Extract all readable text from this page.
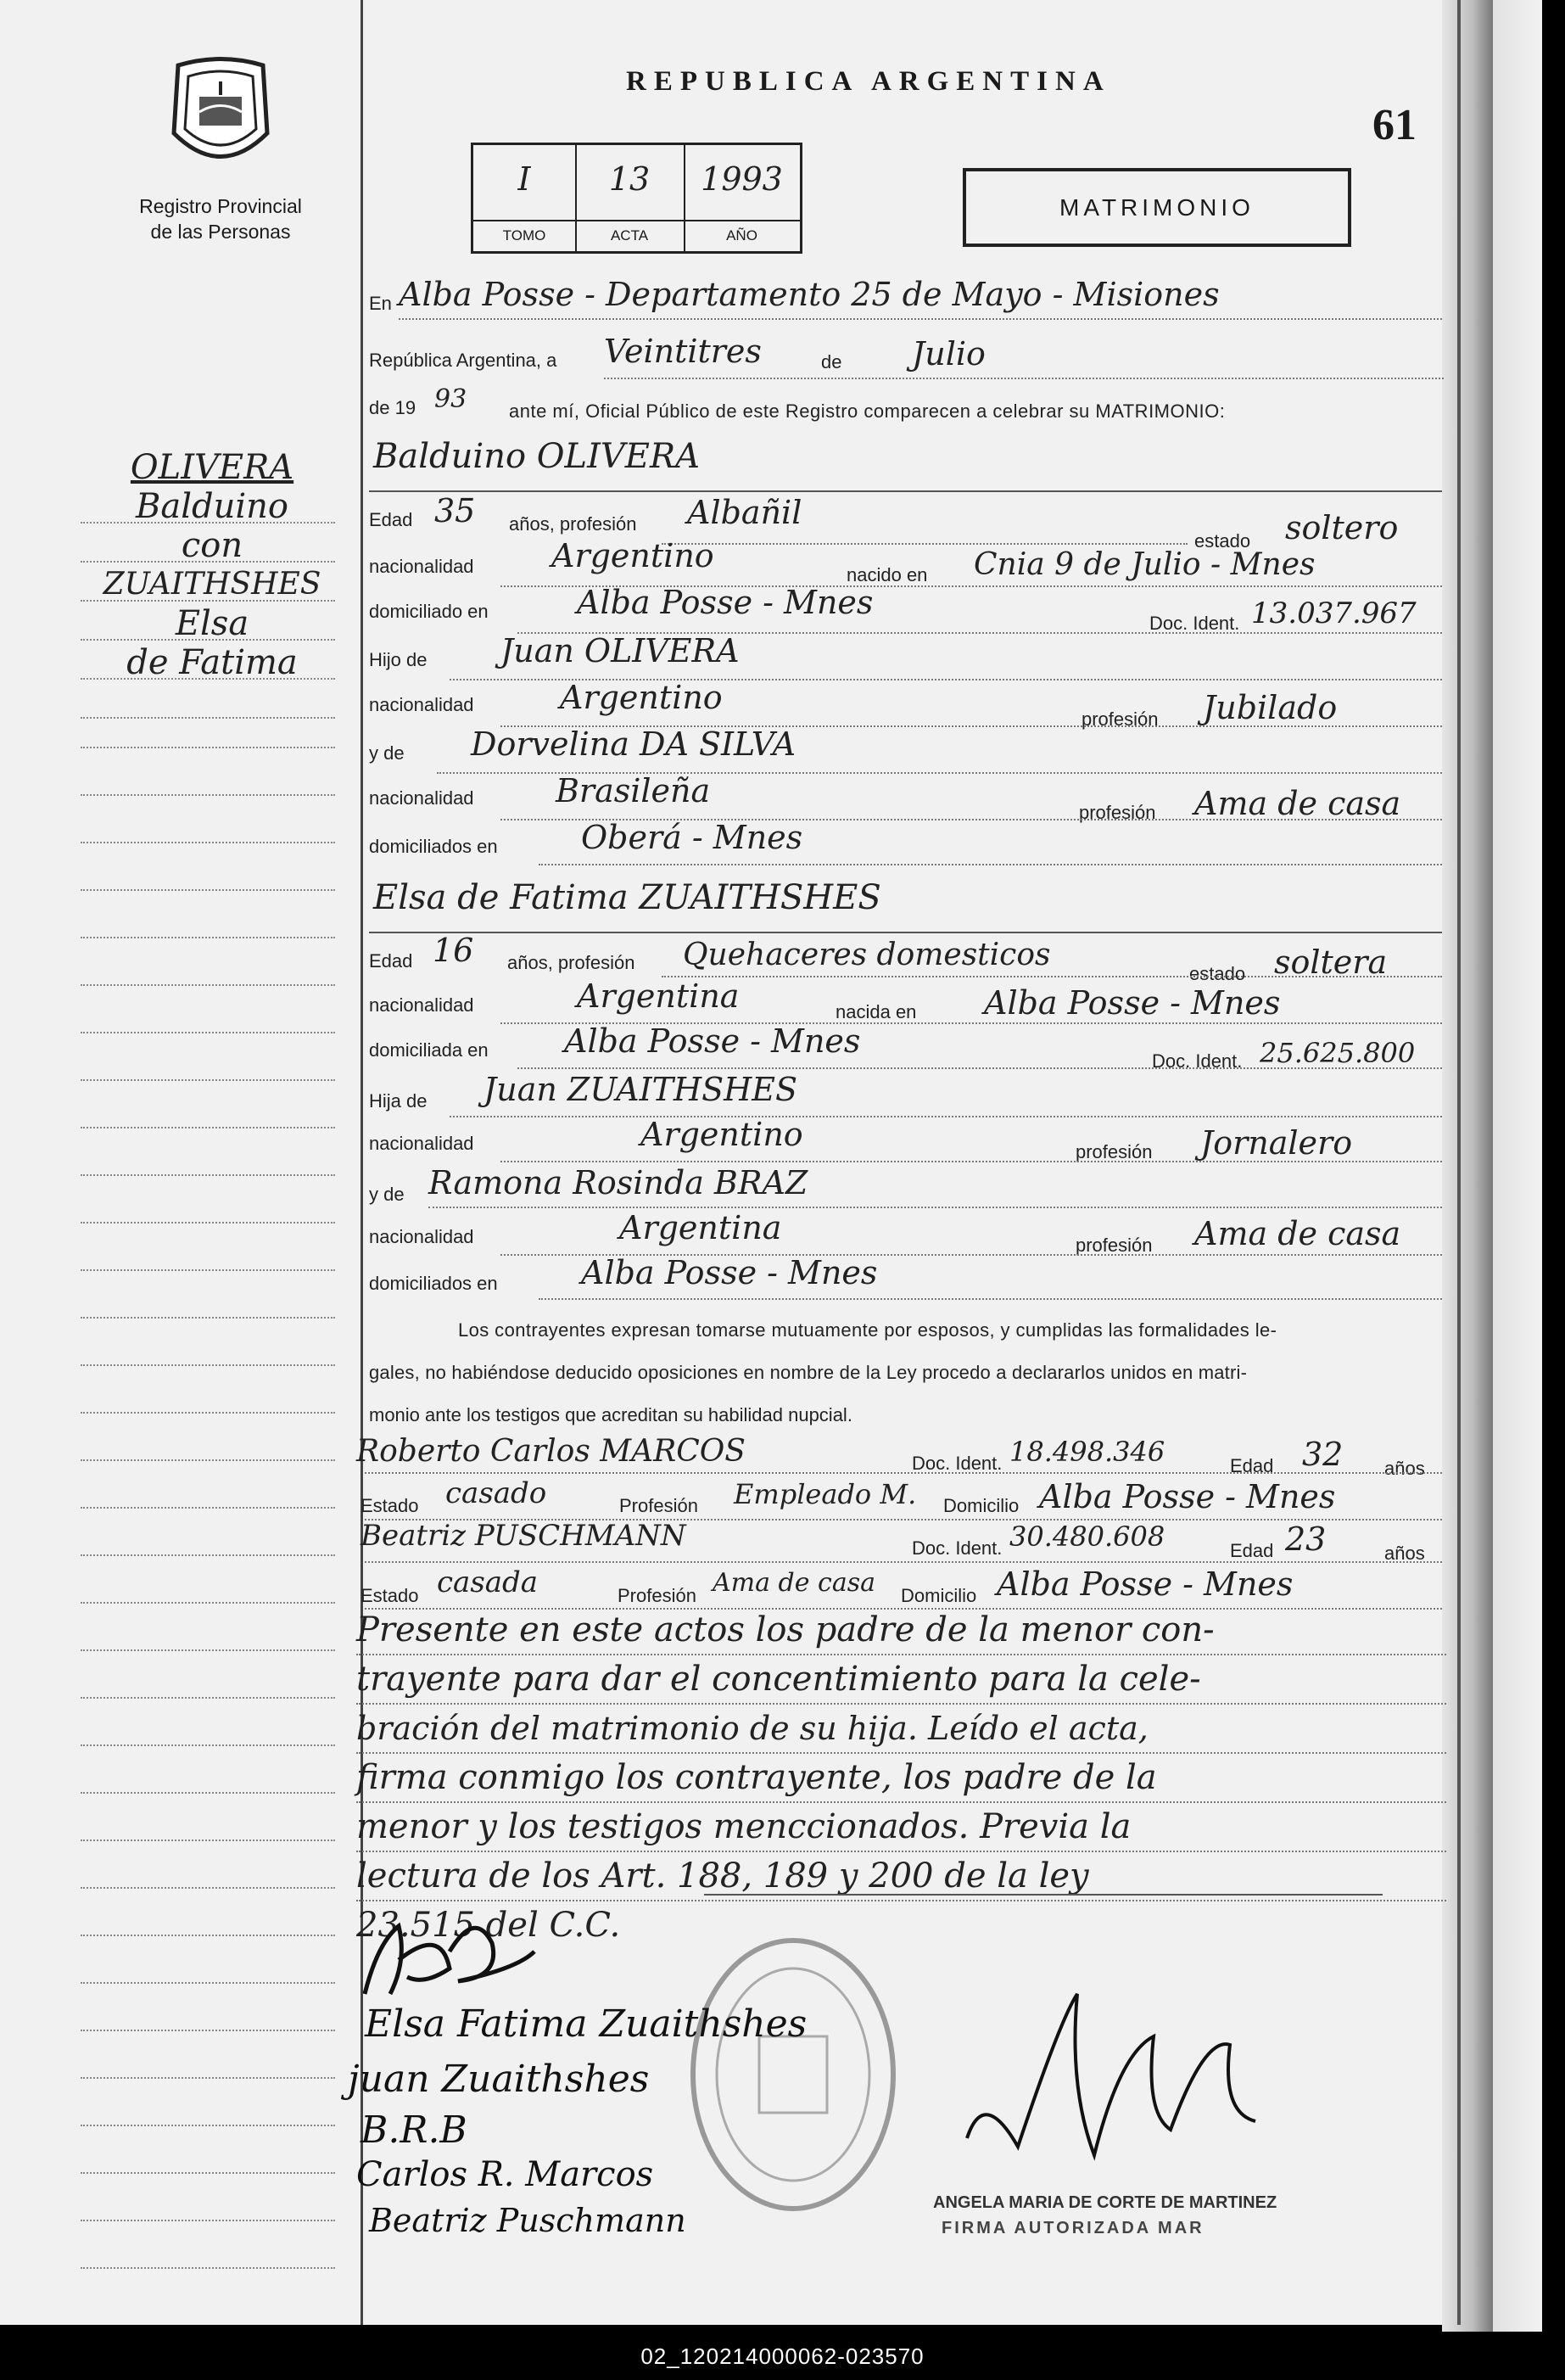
Registro Provincial
de las Personas
REPUBLICA ARGENTINA
61
I
TOMO
13
ACTA
1993
AÑO
MATRIMONIO
OLIVERA
Balduino
con
ZUAITHSHES
Elsa
de Fatima
En Alba Posse - Departamento 25 de Mayo - Misiones
República Argentina, a Veintitres	de Julio
de 19 93 ante mí, Oficial Público de este Registro comparecen a celebrar su MATRIMONIO:
Balduino OLIVERA
Edad 35 años, profesión Albañil
estado soltero
nacionalidad Argentino
nacido en Cnia 9 de Julio - Mnes
domiciliado en	Alba Posse - Mnes
Doc. Ident. 13.037.967
Hijo de Juan OLIVERA
nacionalidad	Argentino
profesión Jubilado
y de Dorvelina DA SILVA
nacionalidad	Brasileña
profesión Ama de casa
domiciliados en	Oberá - Mnes
Elsa de Fatima ZUAITHSHES
Edad 16 años, profesión Quehaceres domesticos
estado soltera
nacionalidad	Argentina	nacida en Alba Posse - Mnes
domiciliada en Alba Posse - Mnes
Doc. Ident. 25.625.800
Hija de Juan ZUAITHSHES
nacionalidad	Argentino	profesión Jornalero
y de Ramona Rosinda BRAZ
nacionalidad	Argentina	profesión Ama de casa
domiciliados en	Alba Posse - Mnes
Los contrayentes expresan tomarse mutuamente por esposos, y cumplidas las formalidades le-
gales, no habiéndose deducido oposiciones en nombre de la Ley procedo a declararlos unidos en matri-
monio ante los testigos que acreditan su habilidad nupcial.
Roberto Carlos MARCOS	Doc. Ident. 18.498.346	Edad 32 años
Estado casado	Profesión Empleado M. Domicilio Alba Posse - Mnes
Beatriz PUSCHMANN	Doc. Ident. 30.480.608	Edad 23	años
Estado casada	Profesión Ama de casa Domicilio Alba Posse - Mnes
Presente en este actos los padre de la menor con-
trayente para dar el concentimiento para la cele-
bración del matrimonio de su hija. Leído el acta,
firma conmigo los contrayente, los padre de la
menor y los testigos menccionados. Previa la
lectura de los Art. 188, 189 y 200 de la ley
23.515 del C.C.
Elsa Fatima Zuaithshes
juan Zuaithshes
B.R.B
Carlos R. Marcos
Beatriz Puschmann	ANGELA MARIA DE CORTE DE MARTINEZ
FIRMA AUTORIZADA MAR
02_120214000062-023570
